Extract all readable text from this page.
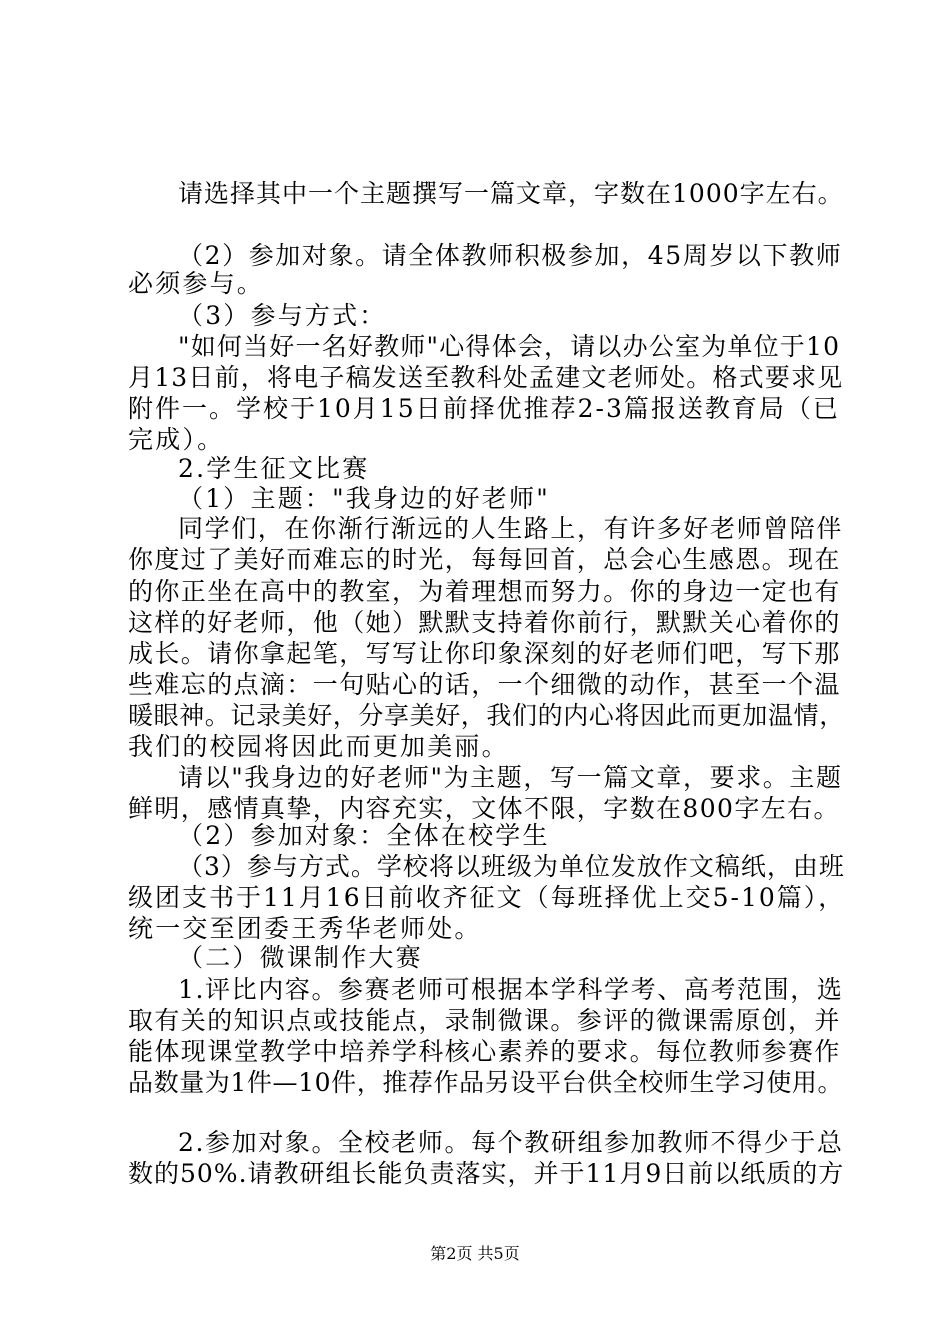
请选择其中一个主题撰写一篇文章，字数在1000字左右。
（2）参加对象。请全体教师积极参加，45周岁以下教师
必须参与。
（3）参与方式：
"如何当好一名好教师"心得体会，请以办公室为单位于10
月13日前，将电子稿发送至教科处孟建文老师处。格式要求见
附件一。学校于10月15日前择优推荐2-3篇报送教育局（已
完成）。
2.学生征文比赛
（1）主题："我身边的好老师"
同学们，在你渐行渐远的人生路上，有许多好老师曾陪伴
你度过了美好而难忘的时光，每每回首，总会心生感恩。现在
的你正坐在高中的教室，为着理想而努力。你的身边一定也有
这样的好老师，他（她）默默支持着你前行，默默关心着你的
成长。请你拿起笔，写写让你印象深刻的好老师们吧，写下那
些难忘的点滴：一句贴心的话，一个细微的动作，甚至一个温
暖眼神。记录美好，分享美好，我们的内心将因此而更加温情，
我们的校园将因此而更加美丽。
请以"我身边的好老师"为主题，写一篇文章，要求。主题
鲜明，感情真挚，内容充实，文体不限，字数在800字左右。
（2）参加对象：全体在校学生
（3）参与方式。学校将以班级为单位发放作文稿纸，由班
级团支书于11月16日前收齐征文（每班择优上交5-10篇），
统一交至团委王秀华老师处。
（二）微课制作大赛
1.评比内容。参赛老师可根据本学科学考、高考范围，选
取有关的知识点或技能点，录制微课。参评的微课需原创，并
能体现课堂教学中培养学科核心素养的要求。每位教师参赛作
品数量为1件—10件，推荐作品另设平台供全校师生学习使用。
2.参加对象。全校老师。每个教研组参加教师不得少于总
数的50%.请教研组长能负责落实，并于11月9日前以纸质的方
第2页 共5页
